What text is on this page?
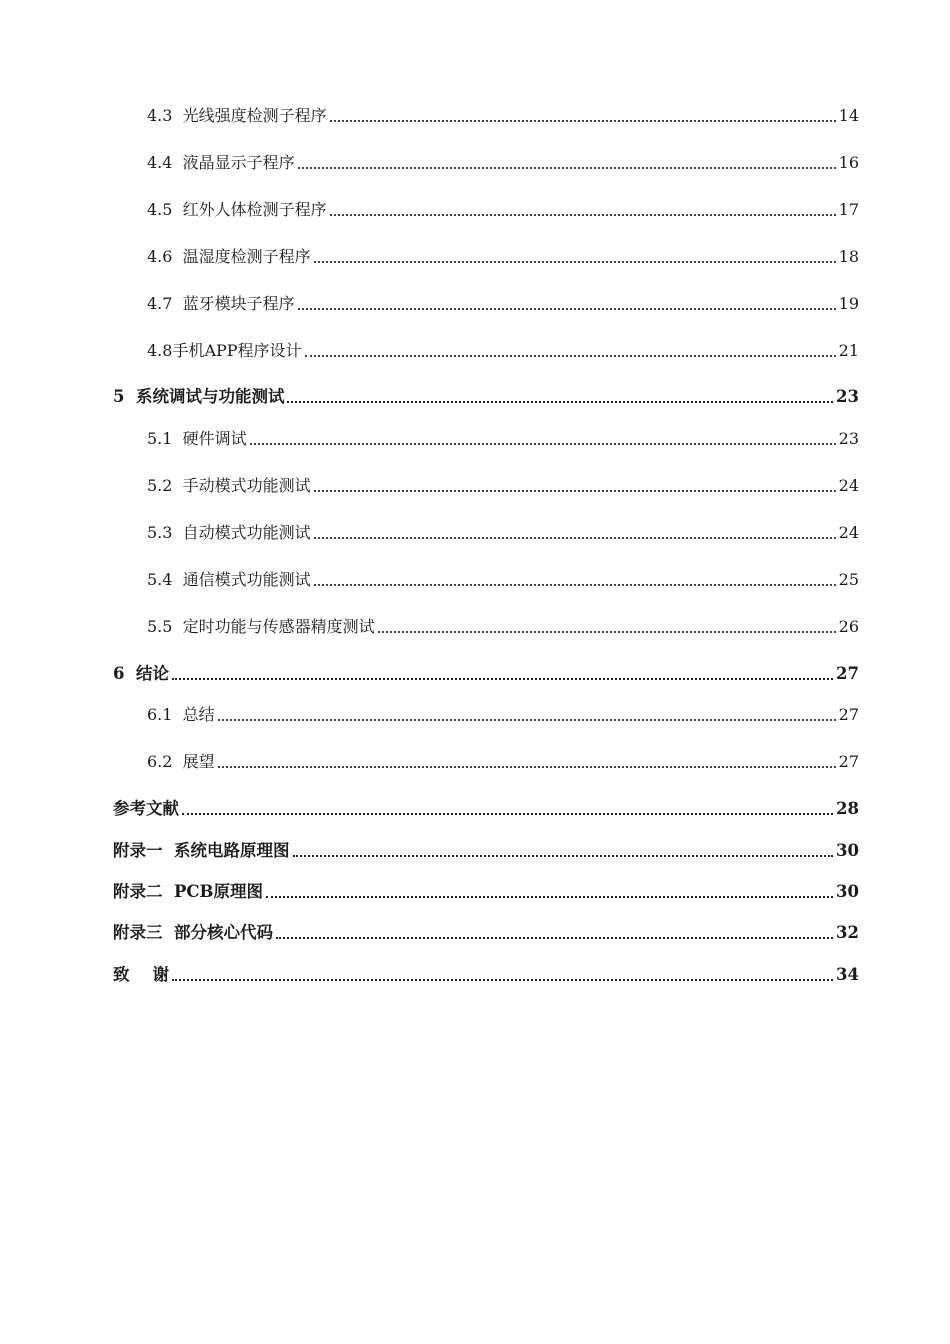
4.3  光线强度检测子程序	14
4.4  液晶显示子程序	16
4.5  红外人体检测子程序	17
4.6  温湿度检测子程序	18
4.7  蓝牙模块子程序	19
4.8手机APP程序设计	21
5  系统调试与功能测试	23
5.1  硬件调试	23
5.2  手动模式功能测试	24
5.3  自动模式功能测试	24
5.4  通信模式功能测试	25
5.5  定时功能与传感器精度测试	26
6  结论	27
6.1  总结	27
6.2  展望	27
参考文献	28
附录一  系统电路原理图	30
附录二  PCB原理图	30
附录三  部分核心代码	32
致    谢	34
